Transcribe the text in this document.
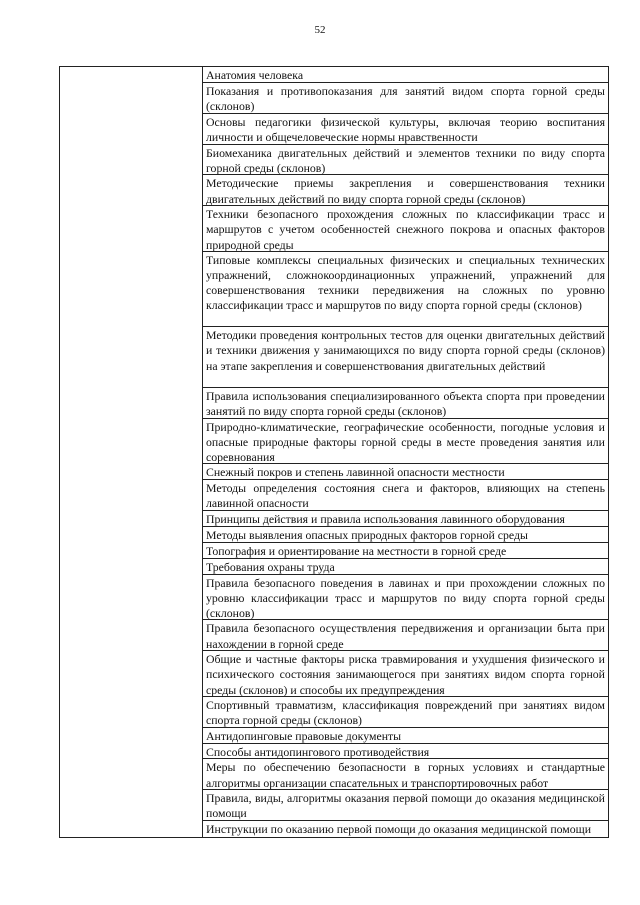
52
Анатомия человека
Показания и противопоказания для занятий видом спорта горной среды (склонов)
Основы педагогики физической культуры, включая теорию воспитания личности и общечеловеческие нормы нравственности
Биомеханика двигательных действий и элементов техники по виду спорта горной среды (склонов)
Методические приемы закрепления и совершенствования техники двигательных действий по виду спорта горной среды (склонов)
Техники безопасного прохождения сложных по классификации трасс и маршрутов с учетом особенностей снежного покрова и опасных факторов природной среды
Типовые комплексы специальных физических и специальных технических упражнений, сложнокоординационных упражнений, упражнений для совершенствования техники передвижения на сложных по уровню классификации трасс и маршрутов по виду спорта горной среды (склонов)
Методики проведения контрольных тестов для оценки двигательных действий и техники движения у занимающихся по виду спорта горной среды (склонов) на этапе закрепления и совершенствования двигательных действий
Правила использования специализированного объекта спорта при проведении занятий по виду спорта горной среды (склонов)
Природно-климатические, географические особенности, погодные условия и опасные природные факторы горной среды в месте проведения занятия или соревнования
Снежный покров и степень лавинной опасности местности
Методы определения состояния снега и факторов, влияющих на степень лавинной опасности
Принципы действия и правила использования лавинного оборудования
Методы выявления опасных природных факторов горной среды
Топография и ориентирование на местности в горной среде
Требования охраны труда
Правила безопасного поведения в лавинах и при прохождении сложных по уровню классификации трасс и маршрутов по виду спорта горной среды (склонов)
Правила безопасного осуществления передвижения и организации быта при нахождении в горной среде
Общие и частные факторы риска травмирования и ухудшения физического и психического состояния занимающегося при занятиях видом спорта горной среды (склонов) и способы их предупреждения
Спортивный травматизм, классификация повреждений при занятиях видом спорта горной среды (склонов)
Антидопинговые правовые документы
Способы антидопингового противодействия
Меры по обеспечению безопасности в горных условиях и стандартные алгоритмы организации спасательных и транспортировочных работ
Правила, виды, алгоритмы оказания первой помощи до оказания медицинской помощи
Инструкции по оказанию первой помощи до оказания медицинской помощи
